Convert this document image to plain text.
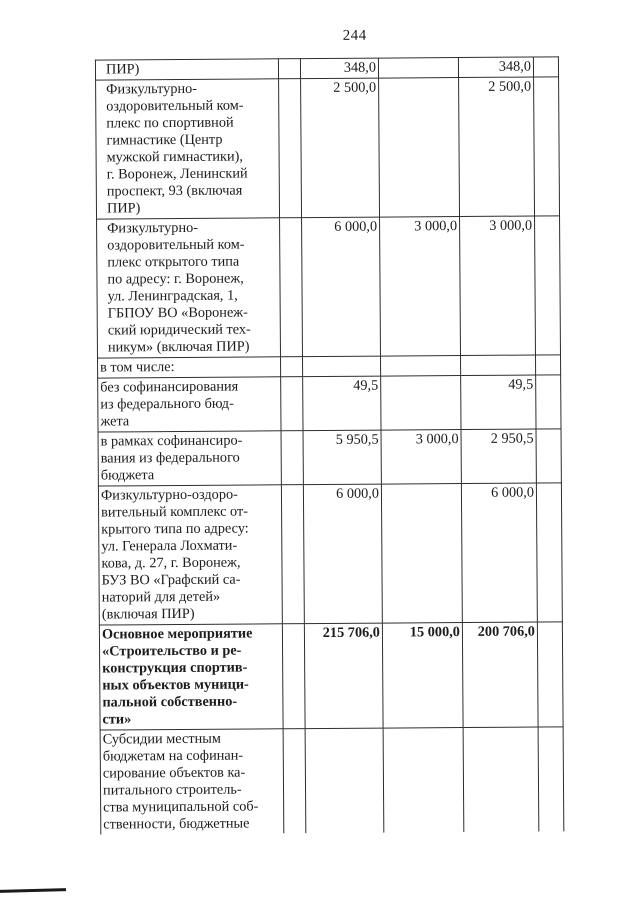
244
ПИР)		348,0		348,0	
Физкультурно-
оздоровительный ком-
плекс по спортивной
гимнастике (Центр
мужской гимнастики),
г. Воронеж, Ленинский
проспект, 93 (включая
ПИР)		2 500,0		2 500,0	
Физкультурно-
оздоровительный ком-
плекс открытого типа
по адресу: г. Воронеж,
ул. Ленинградская, 1,
ГБПОУ ВО «Воронеж-
ский юридический тех-
никум» (включая ПИР)		6 000,0	3 000,0	3 000,0	
в том числе:					
без софинансирования
из федерального бюд-
жета		49,5		49,5	
в рамках софинансиро-
вания из федерального
бюджета		5 950,5	3 000,0	2 950,5	
Физкультурно-оздоро-
вительный комплекс от-
крытого типа по адресу:
ул. Генерала Лохмати-
кова, д. 27, г. Воронеж,
БУЗ ВО «Графский са-
наторий для детей»
(включая ПИР)		6 000,0		6 000,0	
Основное мероприятие
«Строительство и ре-
конструкция спортив-
ных объектов муници-
пальной собственно-
сти»		215 706,0	15 000,0	200 706,0	
Субсидии местным
бюджетам на софинан-
сирование объектов ка-
питального строитель-
ства муниципальной соб-
ственности, бюджетные					
